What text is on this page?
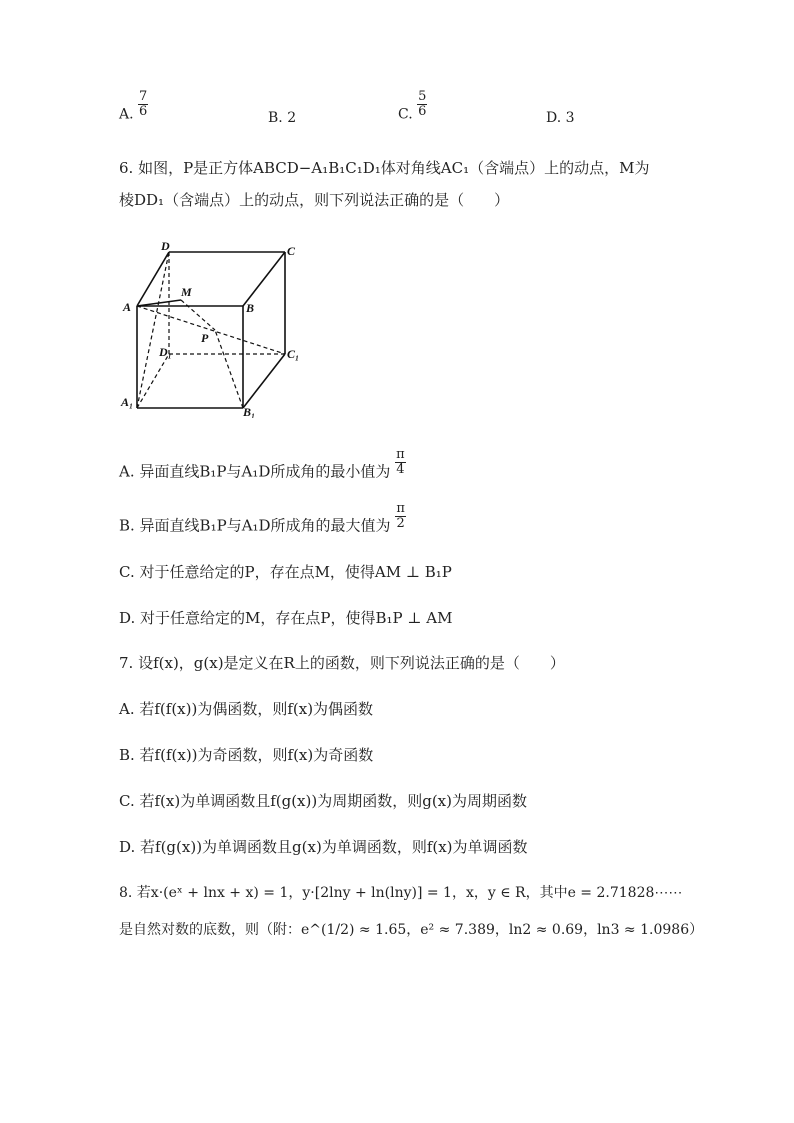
A. $\frac{7}{6}$	B. 2	C. $\frac{5}{6}$	D. 3
6. 如图，P是正方体ABCD−A₁B₁C₁D₁体对角线AC₁（含端点）上的动点，M为
棱DD₁（含端点）上的动点，则下列说法正确的是（　　）
D	C
A
M
B
P
D₁	C₁
A₁
B₁
A. 异面直线B₁P与A₁D所成角的最小值为 $\frac{\pi}{4}$
B. 异面直线B₁P与A₁D所成角的最大值为 $\frac{\pi}{2}$
C. 对于任意给定的P，存在点M，使得AM ⊥ B₁P
D. 对于任意给定的M，存在点P，使得B₁P ⊥ AM
7. 设f(x)，g(x)是定义在R上的函数，则下列说法正确的是（　　）
A. 若f(f(x))为偶函数，则f(x)为偶函数
B. 若f(f(x))为奇函数，则f(x)为奇函数
C. 若f(x)为单调函数且f(g(x))为周期函数，则g(x)为周期函数
D. 若f(g(x))为单调函数且g(x)为单调函数，则f(x)为单调函数
8. 若x·(eˣ + lnx + x) = 1，y·[2lny + ln(lny)] = 1，x，y ∈ R，其中e = 2.71828⋯⋯
是自然对数的底数，则（附：e^(1/2) ≈ 1.65，e² ≈ 7.389，ln2 ≈ 0.69，ln3 ≈ 1.0986）
